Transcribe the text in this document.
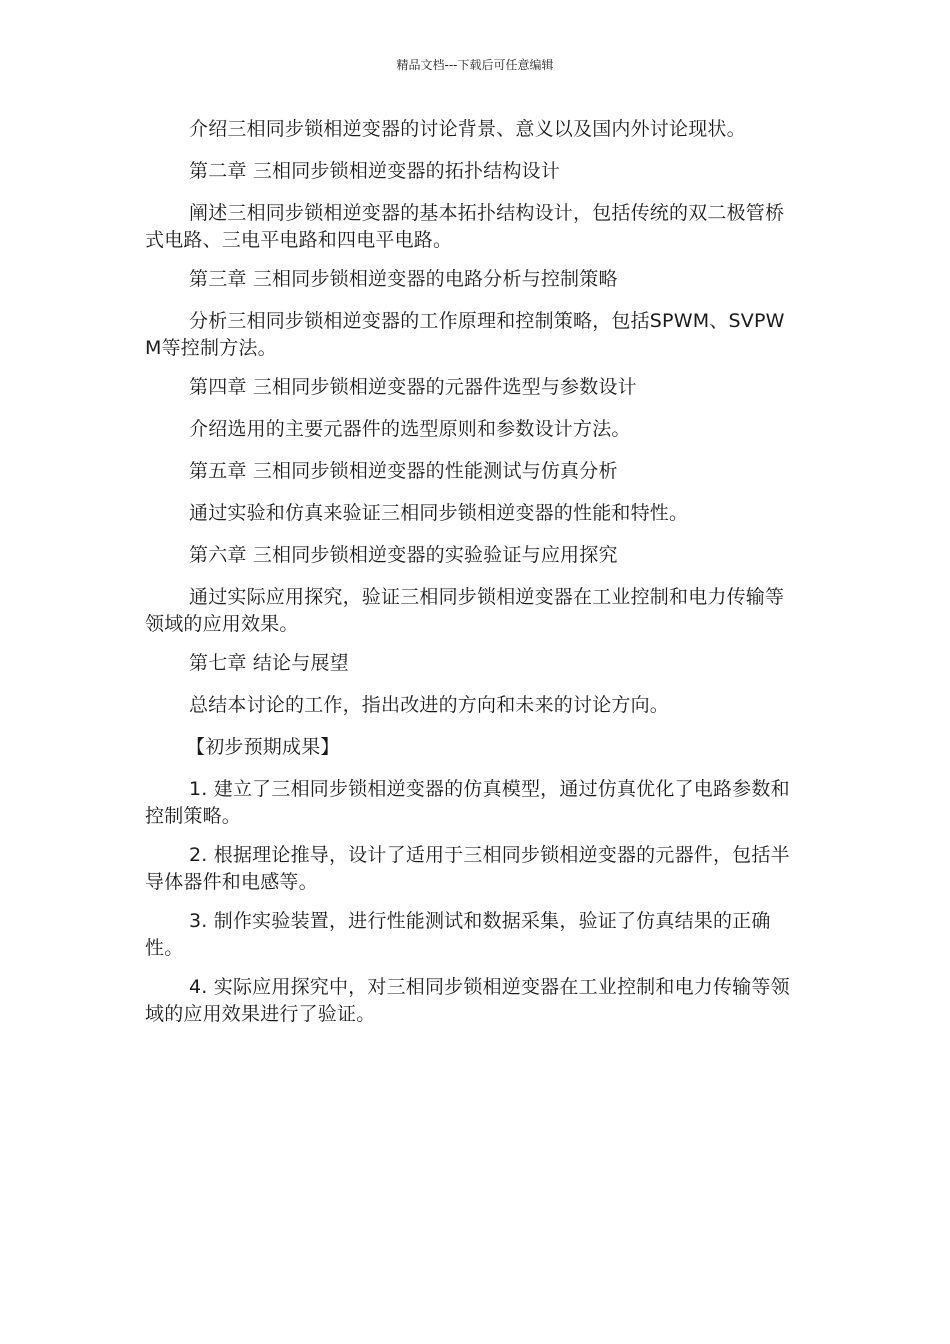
精品文档---下载后可任意编辑

介绍三相同步锁相逆变器的讨论背景、意义以及国内外讨论现状。

第二章 三相同步锁相逆变器的拓扑结构设计

阐述三相同步锁相逆变器的基本拓扑结构设计，包括传统的双二极管桥式电路、三电平电路和四电平电路。

第三章 三相同步锁相逆变器的电路分析与控制策略

分析三相同步锁相逆变器的工作原理和控制策略，包括SPWM、SVPWM等控制方法。

第四章 三相同步锁相逆变器的元器件选型与参数设计

介绍选用的主要元器件的选型原则和参数设计方法。

第五章 三相同步锁相逆变器的性能测试与仿真分析

通过实验和仿真来验证三相同步锁相逆变器的性能和特性。

第六章 三相同步锁相逆变器的实验验证与应用探究

通过实际应用探究，验证三相同步锁相逆变器在工业控制和电力传输等领域的应用效果。

第七章 结论与展望

总结本讨论的工作，指出改进的方向和未来的讨论方向。

【初步预期成果】

1. 建立了三相同步锁相逆变器的仿真模型，通过仿真优化了电路参数和控制策略。

2. 根据理论推导，设计了适用于三相同步锁相逆变器的元器件，包括半导体器件和电感等。

3. 制作实验装置，进行性能测试和数据采集，验证了仿真结果的正确性。

4. 实际应用探究中，对三相同步锁相逆变器在工业控制和电力传输等领域的应用效果进行了验证。
